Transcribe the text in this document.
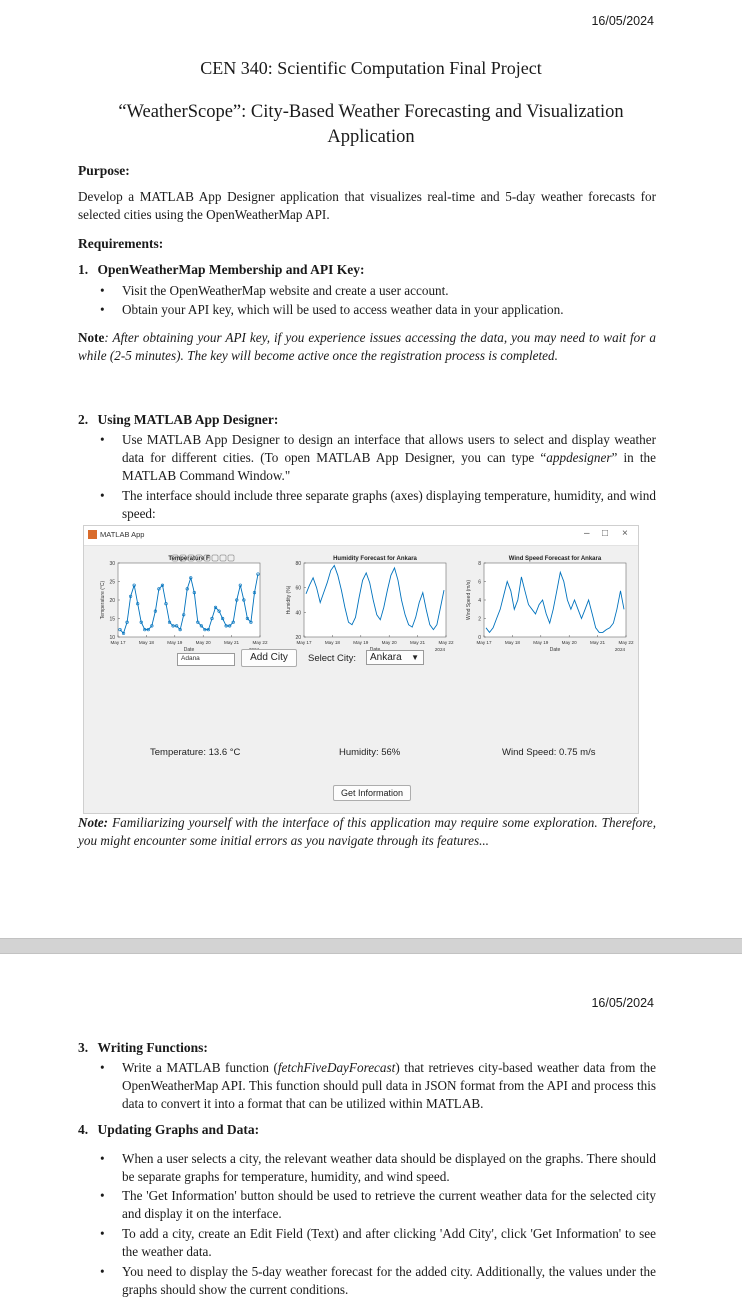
16/05/2024
CEN 340: Scientific Computation Final Project
“WeatherScope”: City-Based Weather Forecasting and Visualization Application
Purpose:
Develop a MATLAB App Designer application that visualizes real-time and 5-day weather forecasts for selected cities using the OpenWeatherMap API.
Requirements:
1. OpenWeatherMap Membership and API Key:
• Visit the OpenWeatherMap website and create a user account.
• Obtain your API key, which will be used to access weather data in your application.
Note: After obtaining your API key, if you experience issues accessing the data, you may need to wait for a while (2-5 minutes). The key will become active once the registration process is completed.
2. Using MATLAB App Designer:
• Use MATLAB App Designer to design an interface that allows users to select and display weather data for different cities. (To open MATLAB App Designer, you can type “appdesigner” in the MATLAB Command Window."
• The interface should include three separate graphs (axes) displaying temperature, humidity, and wind speed:
MATLAB App	– □ ×
Temperature F
10
15
20
25
30
May 17	May 18	May 19	May 20	May 21	May 22
Date
Temperature (°C)
Humidity Forecast for Ankara
20
40
60
80
May 17	May 18	May 19	May 20	May 21	May 22
2024
Humidity (%)
Wind Speed Forecast for Ankara
0
2
4
6
8
May 17	May 18	May 19	May 20	May 21	May 22
Date	2024
Wind Speed (m/s)
Adana	Add City	Select City:	Ankara ▼
Temperature: 13.6 °C	Humidity: 56%	Wind Speed: 0.75 m/s
Get Information
Note: Familiarizing yourself with the interface of this application may require some exploration. Therefore, you might encounter some initial errors as you navigate through its features...
16/05/2024
3. Writing Functions:
• Write a MATLAB function (fetchFiveDayForecast) that retrieves city-based weather data from the OpenWeatherMap API. This function should pull data in JSON format from the API and process this data to convert it into a format that can be utilized within MATLAB.
4. Updating Graphs and Data:
• When a user selects a city, the relevant weather data should be displayed on the graphs. There should be separate graphs for temperature, humidity, and wind speed.
• The 'Get Information' button should be used to retrieve the current weather data for the selected city and display it on the interface.
• To add a city, create an Edit Field (Text) and after clicking 'Add City', click 'Get Information' to see the weather data.
• You need to display the 5-day weather forecast for the added city. Additionally, the values under the graphs should show the current conditions.
